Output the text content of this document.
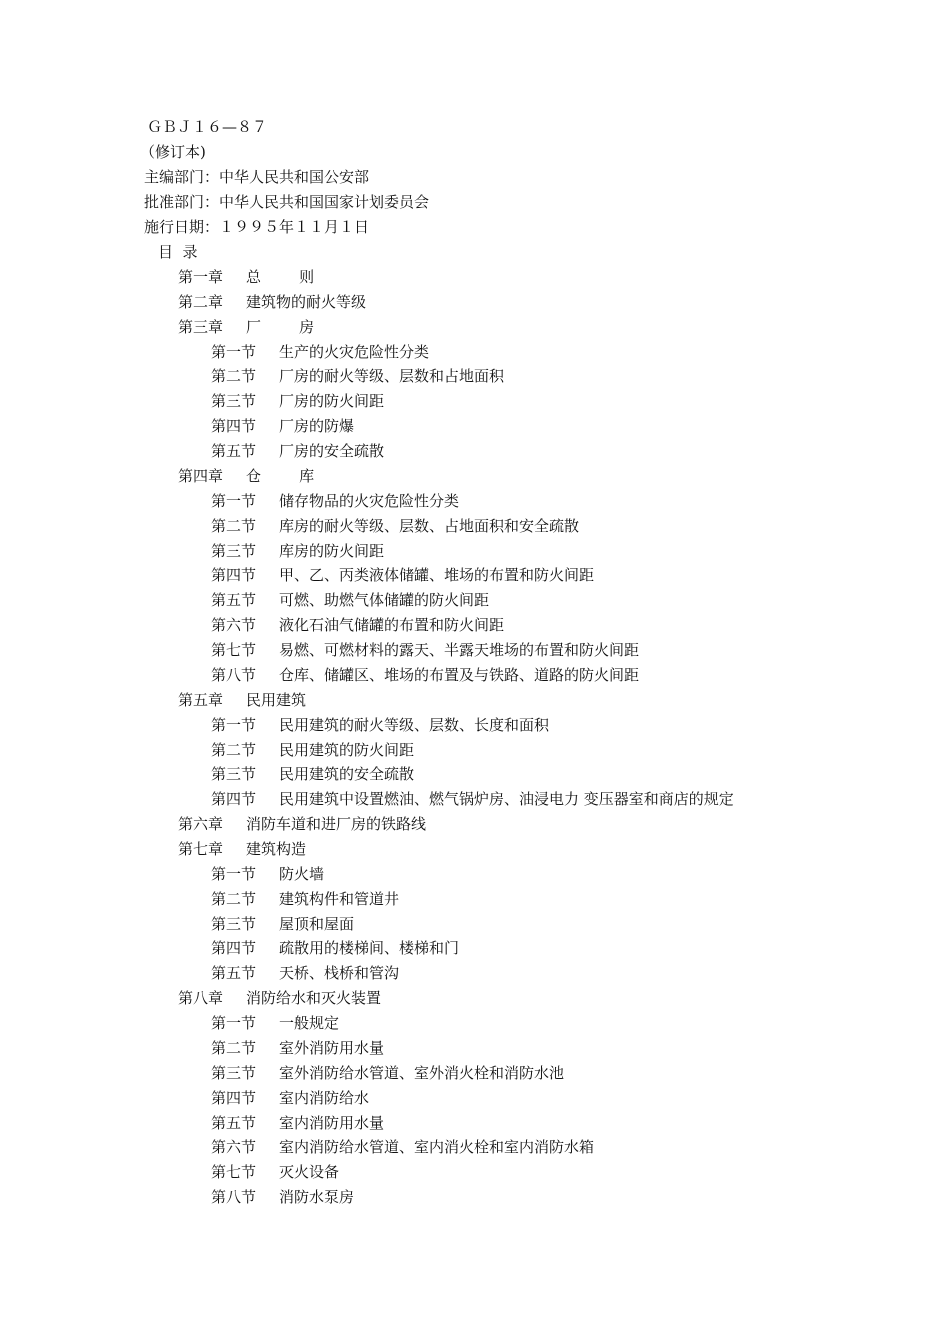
ＧＢＪ１６—８７
（修订本)
主编部门：中华人民共和国公安部
批准部门：中华人民共和国国家计划委员会
施行日期：１９９５年１１月１日
目  录
第一章 总        则
第二章 建筑物的耐火等级
第三章 厂        房
第一节 生产的火灾危险性分类
第二节 厂房的耐火等级、层数和占地面积
第三节 厂房的防火间距
第四节 厂房的防爆
第五节 厂房的安全疏散
第四章 仓        库
第一节 储存物品的火灾危险性分类
第二节 库房的耐火等级、层数、占地面积和安全疏散
第三节 库房的防火间距
第四节 甲、乙、丙类液体储罐、堆场的布置和防火间距
第五节 可燃、助燃气体储罐的防火间距
第六节 液化石油气储罐的布置和防火间距
第七节 易燃、可燃材料的露天、半露天堆场的布置和防火间距
第八节 仓库、储罐区、堆场的布置及与铁路、道路的防火间距
第五章 民用建筑
第一节 民用建筑的耐火等级、层数、长度和面积
第二节 民用建筑的防火间距
第三节 民用建筑的安全疏散
第四节 民用建筑中设置燃油、燃气锅炉房、油浸电力 变压器室和商店的规定
第六章 消防车道和进厂房的铁路线
第七章 建筑构造
第一节 防火墙
第二节 建筑构件和管道井
第三节 屋顶和屋面
第四节 疏散用的楼梯间、楼梯和门
第五节 天桥、栈桥和管沟
第八章 消防给水和灭火装置
第一节 一般规定
第二节 室外消防用水量
第三节 室外消防给水管道、室外消火栓和消防水池
第四节 室内消防给水
第五节 室内消防用水量
第六节 室内消防给水管道、室内消火栓和室内消防水箱
第七节 灭火设备
第八节 消防水泵房
